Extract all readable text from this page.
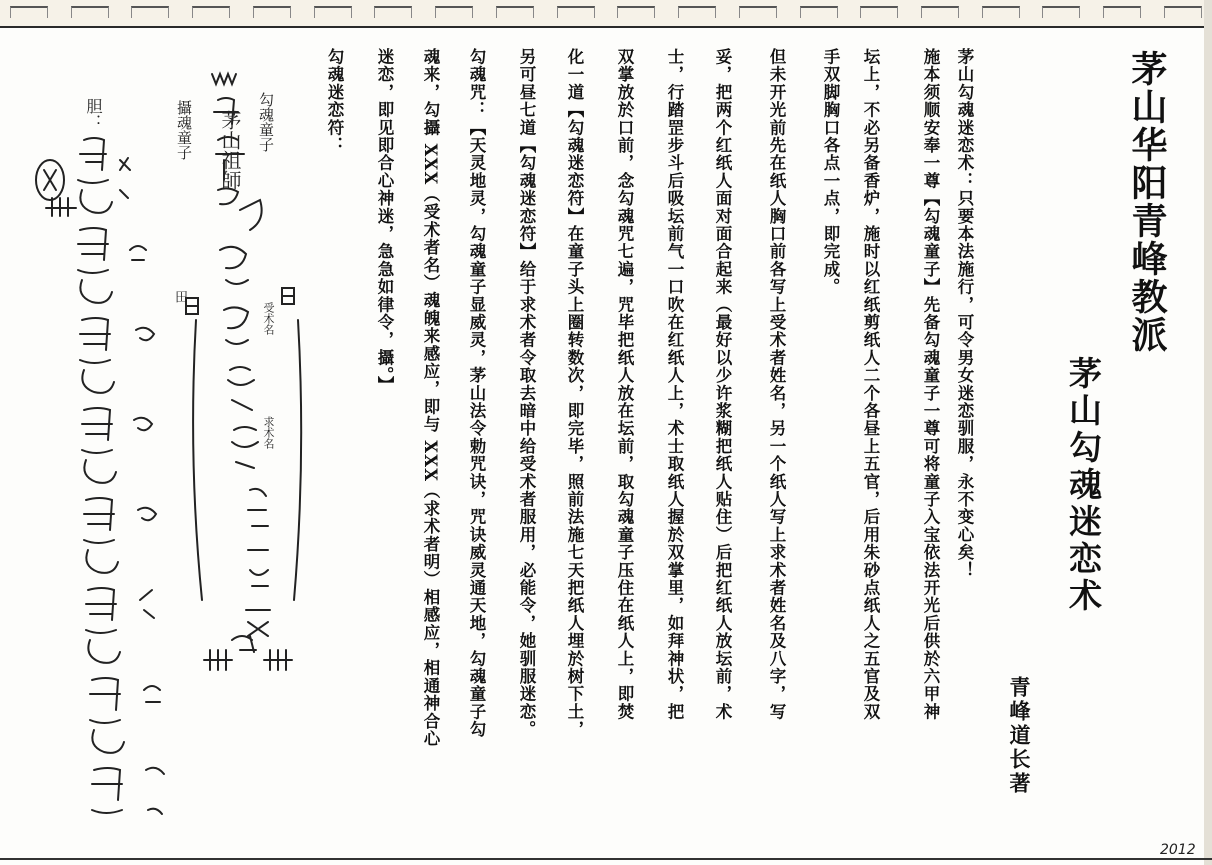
茅山华阳青峰教派
茅山勾魂迷恋术
青峰道长著
茅山勾魂迷恋术：只要本法施行，可令男女迷恋驯服，永不变心矣！
施本须顺安奉一尊【勾魂童子】先备勾魂童子一尊可将童子入宝依法开光后供於六甲神
坛上，不必另备香炉，施时以红纸剪纸人二个各昼上五官，后用朱砂点纸人之五官及双
手双脚胸口各点一点，即完成。
但未开光前先在纸人胸口前各写上受术者姓名，另一个纸人写上求术者姓名及八字，写
妥，把两个红纸人面对面合起来（最好以少许浆糊把纸人贴住）后把红纸人放坛前，术
士，行踏罡步斗后吸坛前气一口吹在红纸人上，术士取纸人握於双掌里，如拜神状，把
双掌放於口前，念勾魂咒七遍，咒毕把纸人放在坛前，取勾魂童子压住在纸人上，即焚
化一道【勾魂迷恋符】在童子头上圈转数次，即完毕，照前法施七天把纸人埋於树下土，
另可昼七道【勾魂迷恋符】给于求术者令取去暗中给受术者服用，必能令，她驯服迷恋。
勾魂咒：【天灵地灵，勾魂童子显威灵，茅山法令勅咒诀，咒诀威灵通天地，勾魂童子勾
魂来，勾攝 XXX（受术者名）魂魄来感应，即与 XXX（求术者明）相感应，相通神合心
迷恋，即见即合心神迷，急急如律令，攝。】
勾魂迷恋符：
勾魂童子
攝魂童子 茅山祖師
胆：
受术名
求术名
田
2012
